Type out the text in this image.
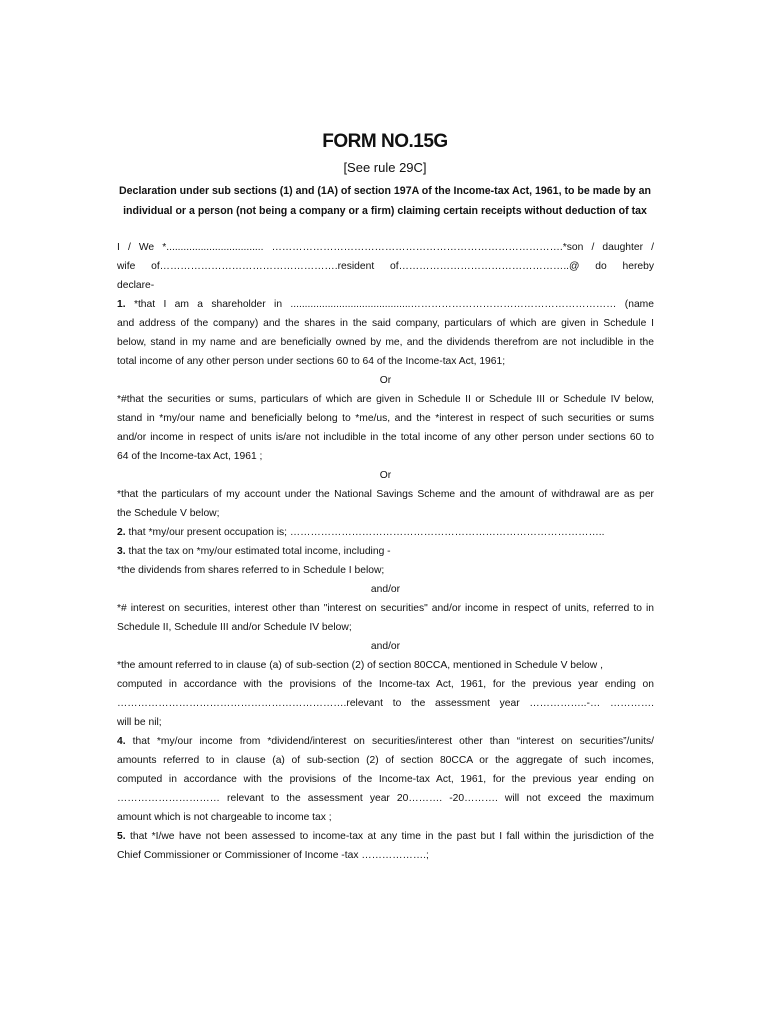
FORM NO.15G
[See rule 29C]

Declaration under sub sections (1) and (1A) of section 197A of the Income-tax Act, 1961, to be made by an individual or a person (not being a company or a firm) claiming certain receipts without deduction of tax

I / We *.................................. ………………………………………………………………………….*son / daughter /
wife of…………………………………………….resident of…………………………………………..@ do hereby
declare-
1. *that I am a shareholder in ..........................................…………………………………………………… (name
and address of the company) and the shares in the said company, particulars of which are given in Schedule I
below, stand in my name and are beneficially owned by me, and the dividends therefrom are not includible in the
total income of any other person under sections 60 to 64 of the Income-tax Act, 1961;
Or
*#that the securities or sums, particulars of which are given in Schedule II or Schedule III or Schedule IV below,
stand in *my/our name and beneficially belong to *me/us, and the *interest in respect of such securities or sums
and/or income in respect of units is/are not includible in the total income of any other person under sections 60 to
64 of the Income-tax Act, 1961 ;
Or
*that the particulars of my account under the National Savings Scheme and the amount of withdrawal are as per
the Schedule V below;
2. that *my/our present occupation is; ………………………………………………………………………………..
3. that the tax on *my/our estimated total income, including -
*the dividends from shares referred to in Schedule I below;
and/or
*# interest on securities, interest other than "interest on securities" and/or income in respect of units, referred to in
Schedule II, Schedule III and/or Schedule IV below;
and/or
*the amount referred to in clause (a) of sub-section (2) of section 80CCA, mentioned in Schedule V below ,
computed in accordance with the provisions of the Income-tax Act, 1961, for the previous year ending on
………………………………………………………….relevant to the assessment year ……………..-… ………….
will be nil;
4. that *my/our income from *dividend/interest on securities/interest other than “interest on securities”/units/
amounts referred to in clause (a) of sub-section (2) of section 80CCA or the aggregate of such incomes,
computed in accordance with the provisions of the Income-tax Act, 1961, for the previous year ending on
………………………… relevant to the assessment year 20………. -20………. will not exceed the maximum
amount which is not chargeable to income tax ;
5. that *I/we have not been assessed to income-tax at any time in the past but I fall within the jurisdiction of the
Chief Commissioner or Commissioner of Income -tax ……………….;
